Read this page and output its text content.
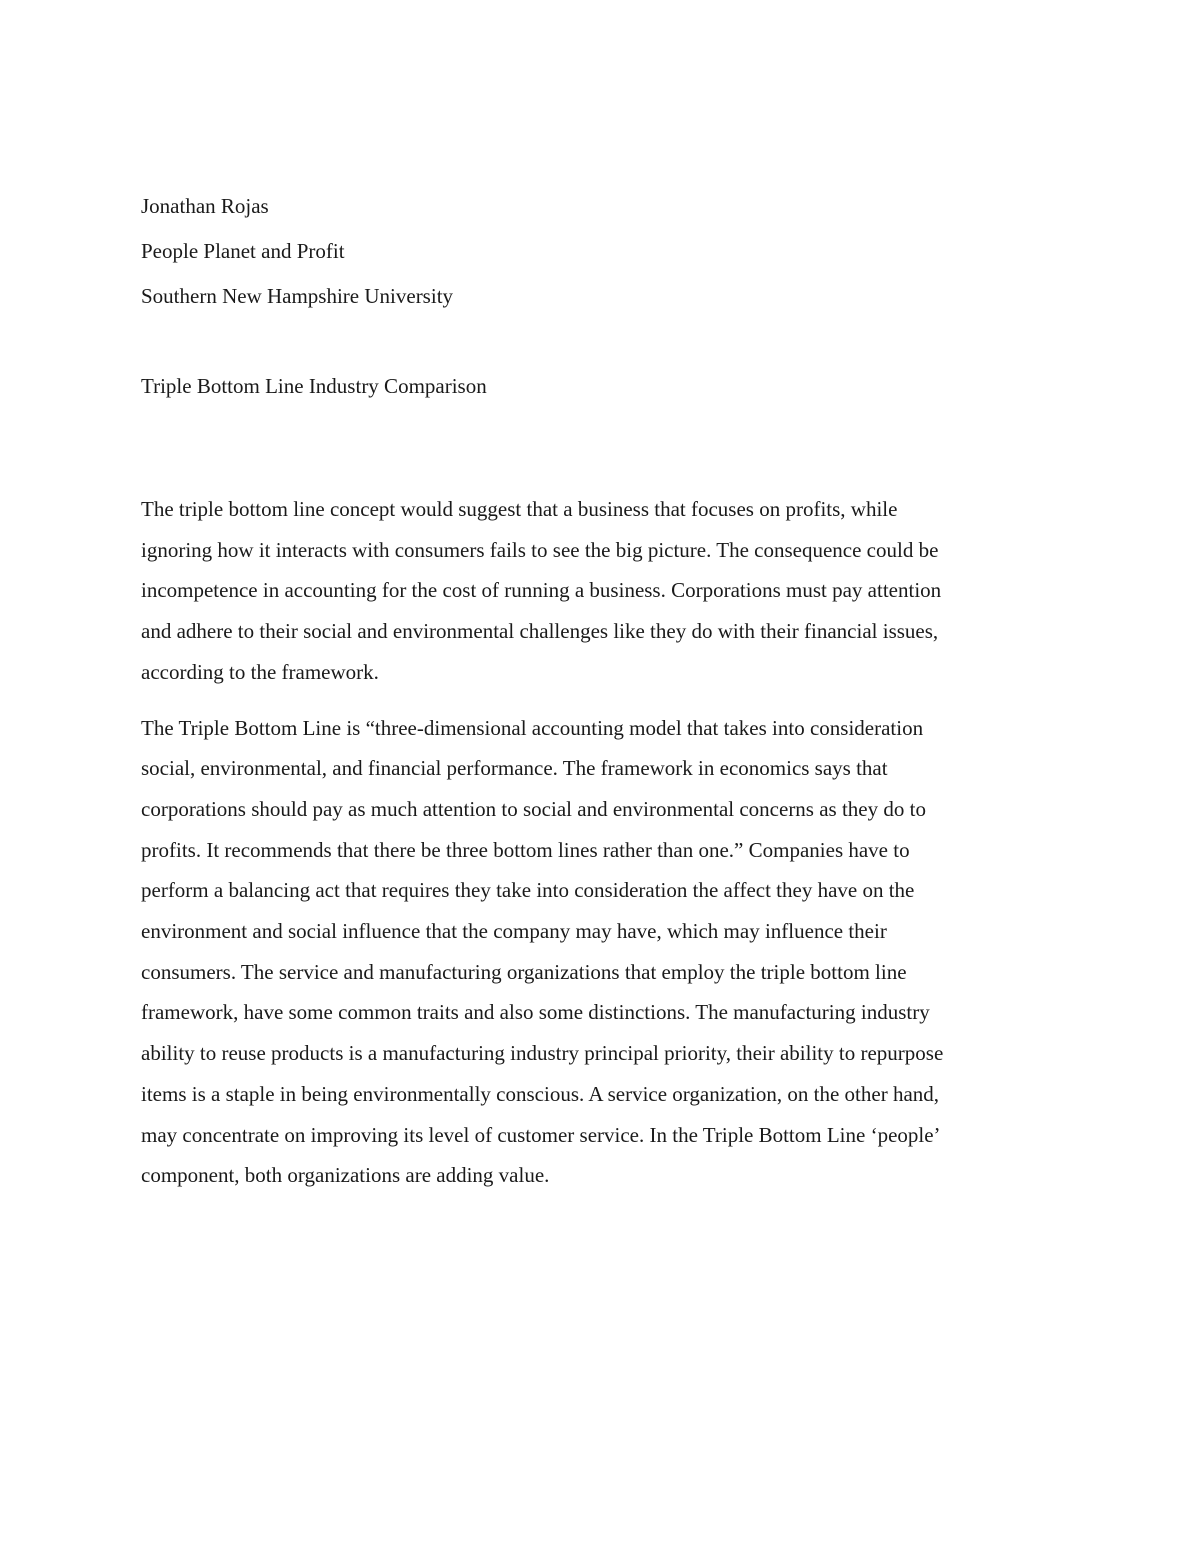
Jonathan Rojas
People Planet and Profit
Southern New Hampshire University
Triple Bottom Line Industry Comparison
The triple bottom line concept would suggest that a business that focuses on profits, while
ignoring how it interacts with consumers fails to see the big picture. The consequence could be
incompetence in accounting for the cost of running a business. Corporations must pay attention
and adhere to their social and environmental challenges like they do with their financial issues,
according to the framework.
The Triple Bottom Line is “three-dimensional accounting model that takes into consideration
social, environmental, and financial performance. The framework in economics says that
corporations should pay as much attention to social and environmental concerns as they do to
profits. It recommends that there be three bottom lines rather than one.” Companies have to
perform a balancing act that requires they take into consideration the affect they have on the
environment and social influence that the company may have, which may influence their
consumers. The service and manufacturing organizations that employ the triple bottom line
framework, have some common traits and also some distinctions. The manufacturing industry
ability to reuse products is a manufacturing industry principal priority, their ability to repurpose
items is a staple in being environmentally conscious. A service organization, on the other hand,
may concentrate on improving its level of customer service. In the Triple Bottom Line ‘people’
component, both organizations are adding value.
